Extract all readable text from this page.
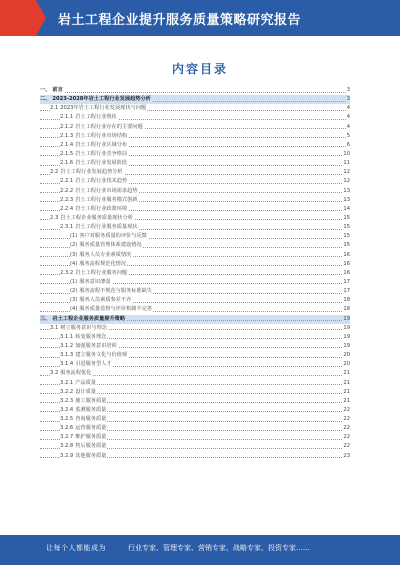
岩土工程企业提升服务质量策略研究报告
内容目录
一、 前言	3
二、 2023-2028年岩土工程行业发展趋势分析	3
2.1 2023年岩土工程行业发展现状与问题	4
2.1.1 岩土工程行业现状	4
2.1.2 岩土工程行业存在的主要问题	4
2.1.3 岩土工程行业市场结构	5
2.1.4 岩土工程行业区域分布	6
2.1.5 岩土工程行业竞争格局	10
2.1.6 岩土工程行业发展阶段	11
2.2 岩土工程行业发展趋势分析	12
2.2.1 岩土工程行业技术趋势	12
2.2.2 岩土工程行业市场需求趋势	13
2.2.3 岩土工程行业服务模式创新	13
2.2.4 岩土工程行业政策环境	14
2.3 岩土工程企业服务质量现状分析	15
2.3.1 岩土工程行业服务质量现状	15
(1) 客户对服务质量的评价与反馈	15
(2) 服务质量管理体系建设情况	15
(3) 服务人员专业素质情况	16
(4) 服务流程规范化情况	16
2.3.2 岩土工程行业服务问题	16
(1) 服务意识薄弱	17
(2) 服务流程不规范与服务标准缺失	17
(3) 服务人员素质参差不齐	18
(4) 服务质量监督与评价机制不完善	18
三、 岩土工程企业服务质量提升策略	19
3.1 树立服务意识与理念	19
3.1.1 转变服务理念	19
3.1.2 加强服务意识培训	19
3.1.3 建立服务文化与价值观	20
3.1.4 引进服务型人才	20
3.2 服务流程优化	21
3.2.1 产品质量	21
3.2.2 设计质量	21
3.2.3 施工服务质量	21
3.2.4 监测服务质量	22
3.2.5 咨询服务质量	22
3.2.6 运营服务质量	22
3.2.7 维护服务质量	22
3.2.8 售后服务质量	22
3.2.9 其他服务质量	23
让每个人都能成为	行业专家、管理专家、营销专家、战略专家、投资专家……
